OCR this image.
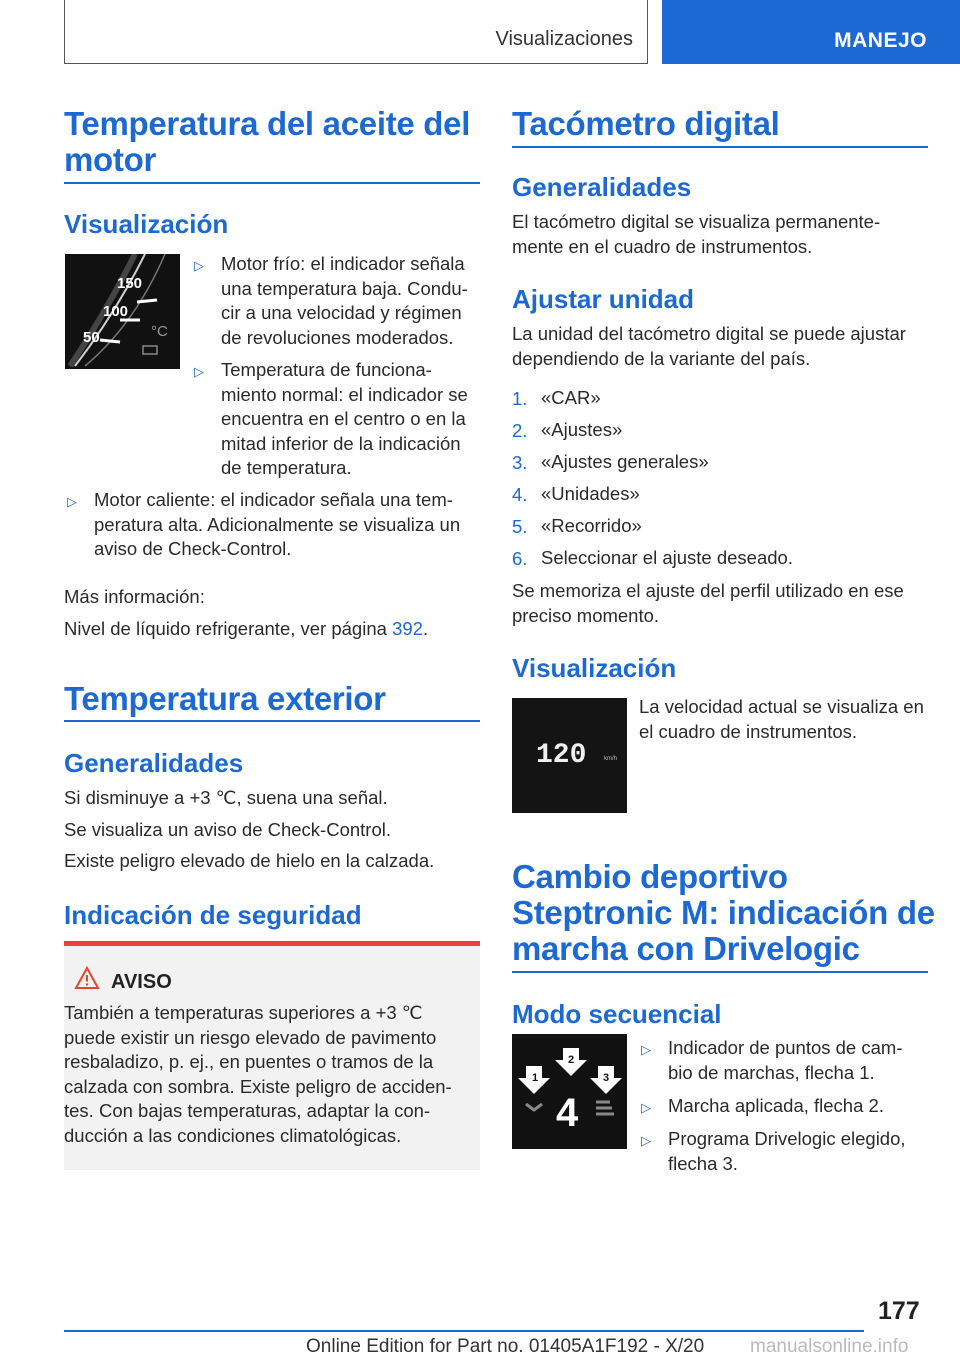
Visualizaciones	MANEJO
Temperatura del aceite del
motor
Visualización
150
100
50	°C
▷ Motor frío: el indicador señala
una temperatura baja. Condu-
cir a una velocidad y régimen
de revoluciones moderados.
▷ Temperatura de funciona-
miento normal: el indicador se
encuentra en el centro o en la
mitad inferior de la indicación
de temperatura.
▷ Motor caliente: el indicador señala una tem-
peratura alta. Adicionalmente se visualiza un
aviso de Check-Control.
Más información:
Nivel de líquido refrigerante, ver página 392.
Temperatura exterior
Generalidades
Si disminuye a +3 ℃, suena una señal.
Se visualiza un aviso de Check-Control.
Existe peligro elevado de hielo en la calzada.
Indicación de seguridad
AVISO
También a temperaturas superiores a +3 ℃
puede existir un riesgo elevado de pavimento
resbaladizo, p. ej., en puentes o tramos de la
calzada con sombra. Existe peligro de acciden-
tes. Con bajas temperaturas, adaptar la con-
ducción a las condiciones climatológicas.
Tacómetro digital
Generalidades
El tacómetro digital se visualiza permanente-
mente en el cuadro de instrumentos.
Ajustar unidad
La unidad del tacómetro digital se puede ajustar
dependiendo de la variante del país.
1. «CAR»
2. «Ajustes»
3. «Ajustes generales»
4. «Unidades»
5. «Recorrido»
6. Seleccionar el ajuste deseado.
Se memoriza el ajuste del perfil utilizado en ese
preciso momento.
Visualización
120	km/h
La velocidad actual se visualiza en
el cuadro de instrumentos.
Cambio deportivo
Steptronic M: indicación de
marcha con Drivelogic
Modo secuencial
1
2
3
4
▷ Indicador de puntos de cam-
bio de marchas, flecha 1.
▷ Marcha aplicada, flecha 2.
▷ Programa Drivelogic elegido,
flecha 3.
177
Online Edition for Part no. 01405A1F192 - X/20 manualsonline.info
